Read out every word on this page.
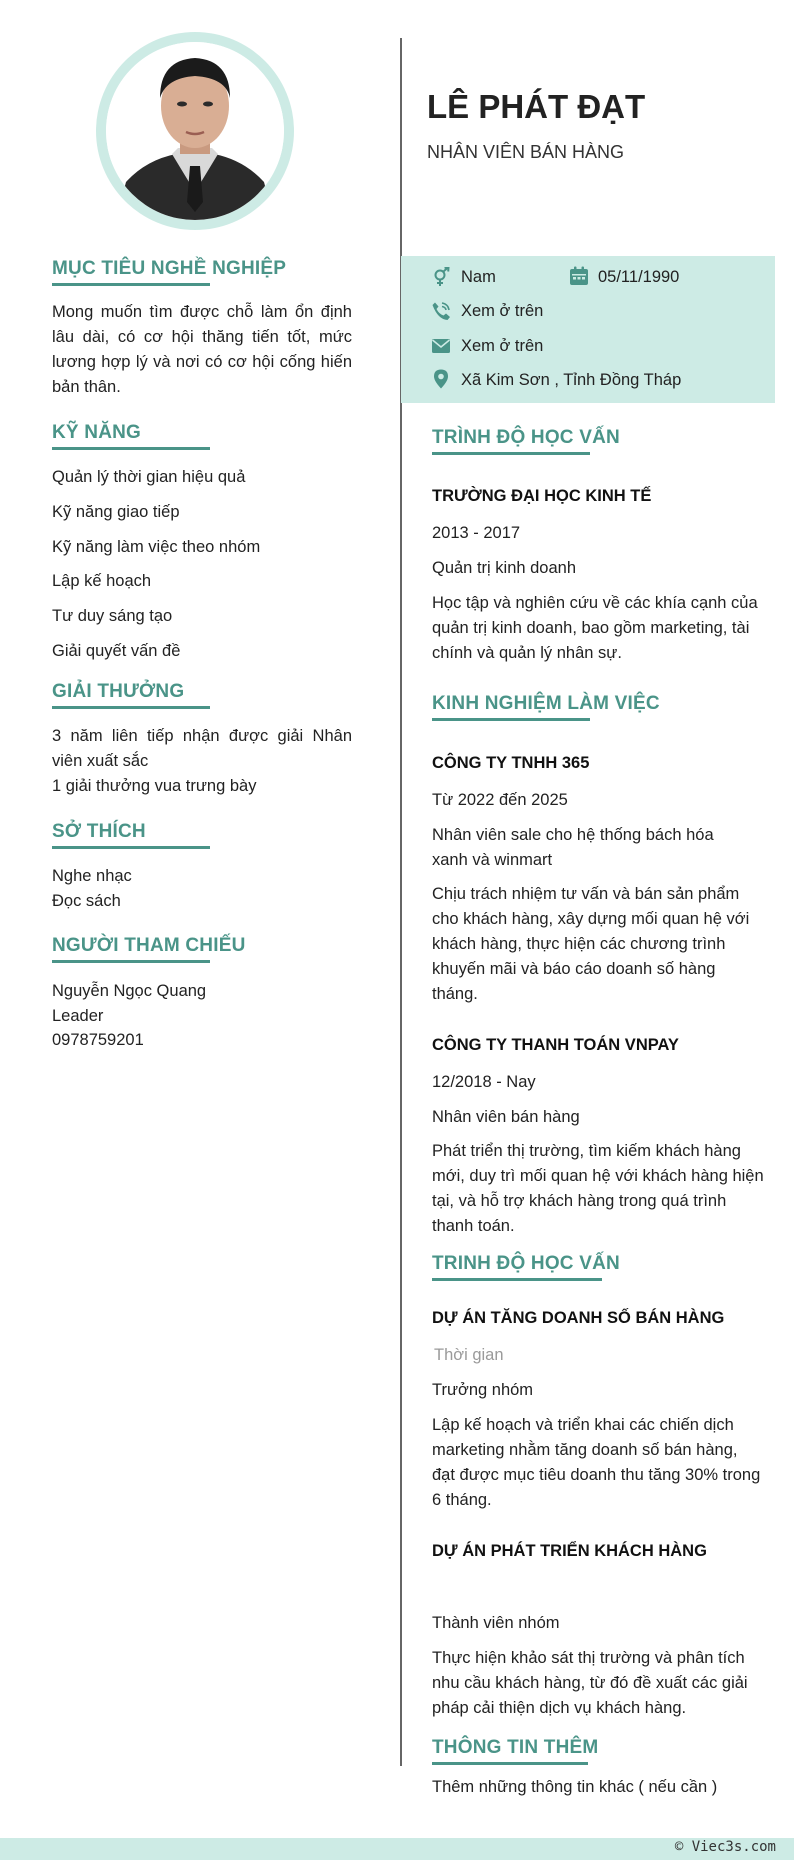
MỤC TIÊU NGHỀ NGHIỆP
Mong muốn tìm được chỗ làm ổn định lâu dài, có cơ hội thăng tiến tốt, mức lương hợp lý và nơi có cơ hội cống hiến bản thân.
KỸ NĂNG
Quản lý thời gian hiệu quả
Kỹ năng giao tiếp
Kỹ năng làm việc theo nhóm
Lập kế hoạch
Tư duy sáng tạo
Giải quyết vấn đề
GIẢI THƯỞNG
3 năm liên tiếp nhận được giải Nhân viên xuất sắc
1 giải thưởng vua trưng bày
SỞ THÍCH
Nghe nhạc
Đọc sách
NGƯỜI THAM CHIẾU
Nguyễn Ngọc Quang
Leader
0978759201
LÊ PHÁT ĐẠT
NHÂN VIÊN BÁN HÀNG
Nam	05/11/1990
Xem ở trên
Xem ở trên
Xã Kim Sơn , Tỉnh Đồng Tháp
TRÌNH ĐỘ HỌC VẤN
TRƯỜNG ĐẠI HỌC KINH TẾ
2013 - 2017
Quản trị kinh doanh
Học tập và nghiên cứu về các khía cạnh của quản trị kinh doanh, bao gồm marketing, tài chính và quản lý nhân sự.
KINH NGHIỆM LÀM VIỆC
CÔNG TY TNHH 365
Từ 2022 đến 2025
Nhân viên sale cho hệ thống bách hóa xanh và winmart
Chịu trách nhiệm tư vấn và bán sản phẩm cho khách hàng, xây dựng mối quan hệ với khách hàng, thực hiện các chương trình khuyến mãi và báo cáo doanh số hàng tháng.
CÔNG TY THANH TOÁN VNPAY
12/2018 - Nay
Nhân viên bán hàng
Phát triển thị trường, tìm kiếm khách hàng mới, duy trì mối quan hệ với khách hàng hiện tại, và hỗ trợ khách hàng trong quá trình thanh toán.
TRINH ĐỘ HỌC VẤN
DỰ ÁN TĂNG DOANH SỐ BÁN HÀNG
Thời gian
Trưởng nhóm
Lập kế hoạch và triển khai các chiến dịch marketing nhằm tăng doanh số bán hàng, đạt được mục tiêu doanh thu tăng 30% trong 6 tháng.
DỰ ÁN PHÁT TRIỂN KHÁCH HÀNG
Thành viên nhóm
Thực hiện khảo sát thị trường và phân tích nhu cầu khách hàng, từ đó đề xuất các giải pháp cải thiện dịch vụ khách hàng.
THÔNG TIN THÊM
Thêm những thông tin khác ( nếu cần )
© Viec3s.com
